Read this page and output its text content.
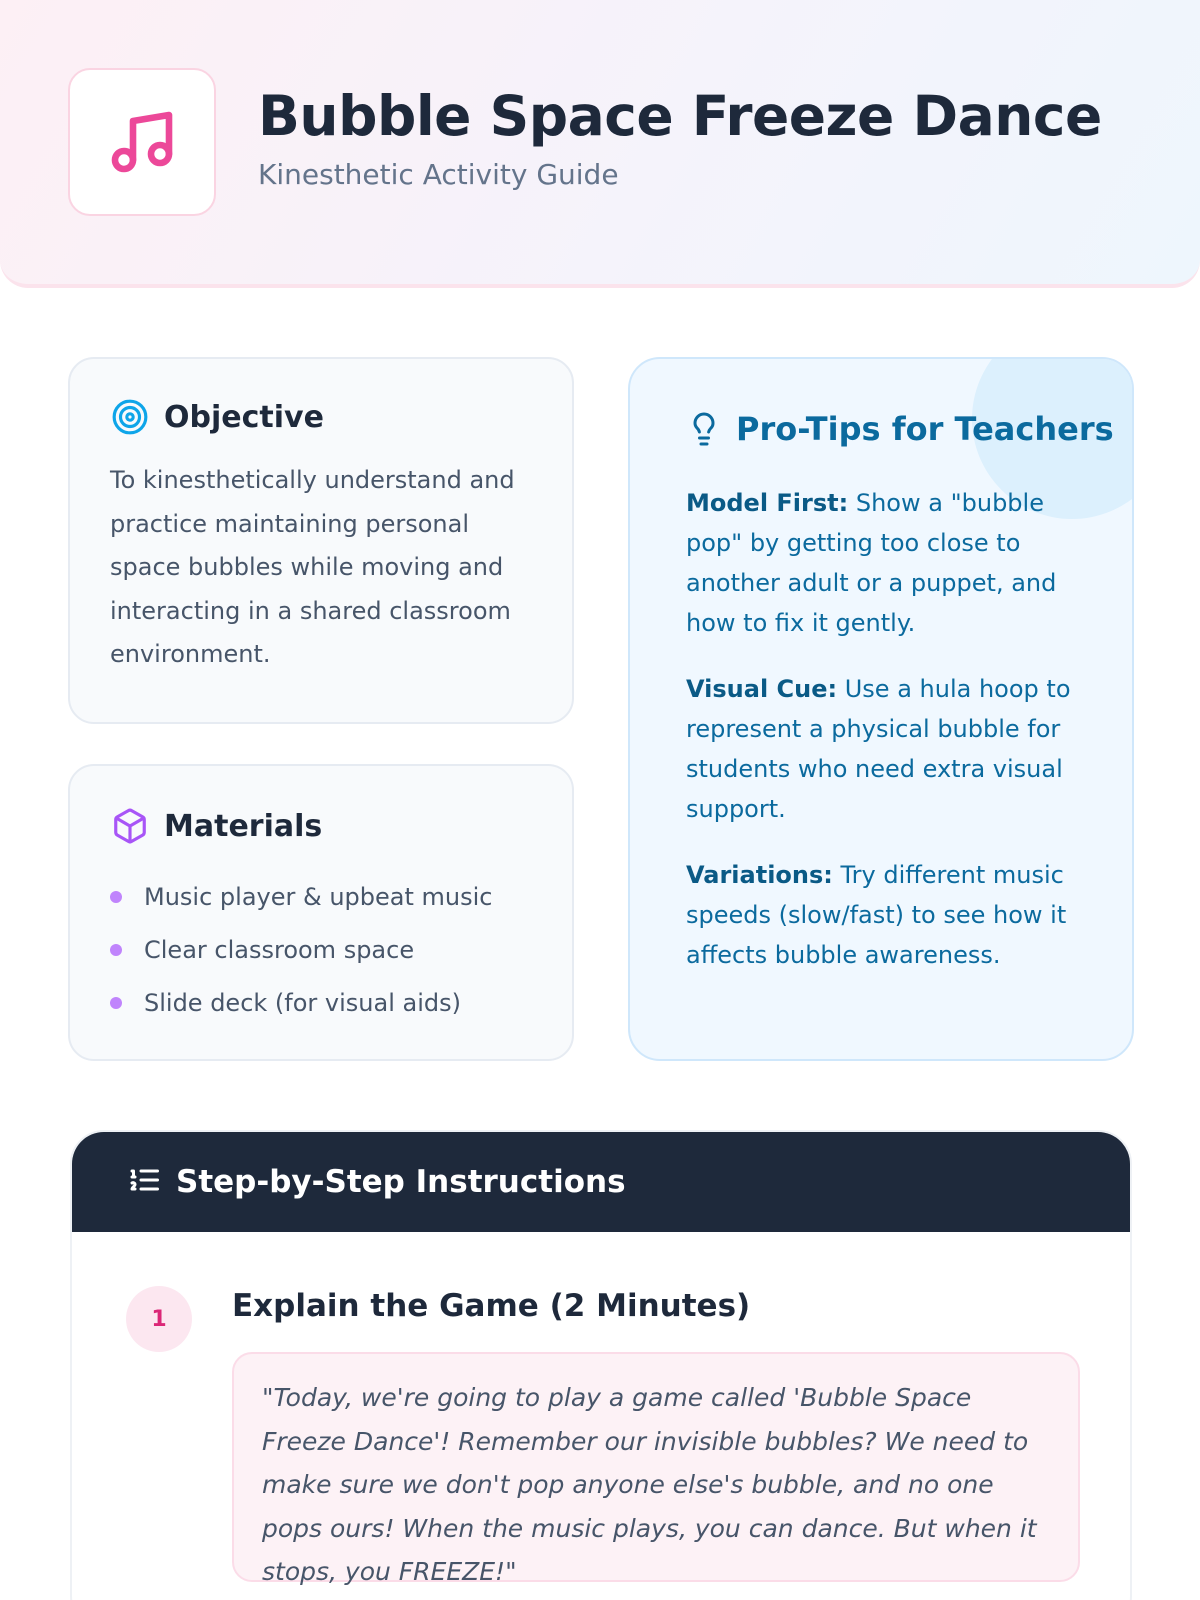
Bubble Space Freeze Dance
Kinesthetic Activity Guide
Objective

To kinesthetically understand and practice maintaining personal space bubbles while moving and interacting in a shared classroom environment.

Materials
Music player & upbeat music
Clear classroom space
Slide deck (for visual aids)
Pro-Tips for Teachers

Model First: Show a "bubble pop" by getting too close to another adult or a puppet, and how to fix it gently.

Visual Cue: Use a hula hoop to represent a physical bubble for students who need extra visual support.

Variations: Try different music speeds (slow/fast) to see how it affects bubble awareness.

Step-by-Step Instructions
1	Explain the Game (2 Minutes)
"Today, we're going to play a game called 'Bubble Space Freeze Dance'! Remember our invisible bubbles? We need to make sure we don't pop anyone else's bubble, and no one pops ours! When the music plays, you can dance. But when it stops, you FREEZE!"
